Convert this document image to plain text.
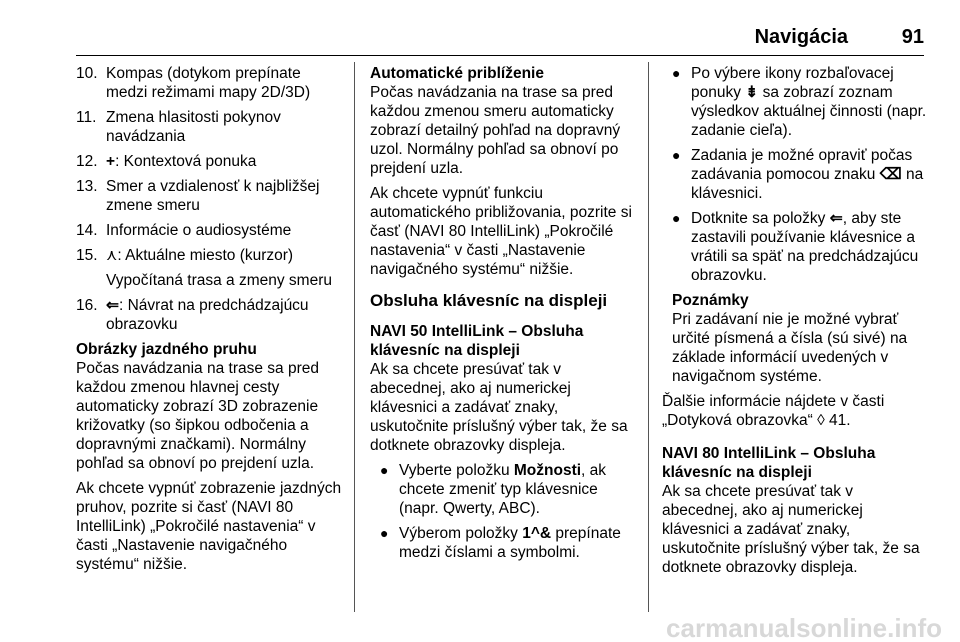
Navigácia	91
10. Kompas (dotykom prepínate medzi režimami mapy 2D/3D)
11. Zmena hlasitosti pokynov navádzania
12. +: Kontextová ponuka
13. Smer a vzdialenosť k najbližšej zmene smeru
14. Informácie o audiosystéme
15. ⋏: Aktuálne miesto (kurzor)
Vypočítaná trasa a zmeny smeru
16. ⇐: Návrat na predchádzajúcu obrazovku
Obrázky jazdného pruhu

Počas navádzania na trase sa pred každou zmenou hlavnej cesty automaticky zobrazí 3D zobrazenie križovatky (so šipkou odbočenia a dopravnými značkami). Normálny pohľad sa obnoví po prejdení uzla.

Ak chcete vypnúť zobrazenie jazdných pruhov, pozrite si časť (NAVI 80 IntelliLink) „Pokročilé nastavenia“ v časti „Nastavenie navigačného systému“ nižšie.

Automatické priblíženie

Počas navádzania na trase sa pred každou zmenou smeru automaticky zobrazí detailný pohľad na dopravný uzol. Normálny pohľad sa obnoví po prejdení uzla.

Ak chcete vypnúť funkciu automatického približovania, pozrite si časť (NAVI 80 IntelliLink) „Pokročilé nastavenia“ v časti „Nastavenie navigačného systému“ nižšie.

Obsluha klávesníc na displeji
NAVI 50 IntelliLink – Obsluha klávesníc na displeji

Ak sa chcete presúvať tak v abecednej, ako aj numerickej klávesnici a zadávať znaky, uskutočnite príslušný výber tak, že sa dotknete obrazovky displeja.

● Vyberte položku Možnosti, ak chcete zmeniť typ klávesnice (napr. Qwerty, ABC).
● Výberom položky 1^& prepínate medzi číslami a symbolmi.
● Po výbere ikony rozbaľovacej ponuky ⇟ sa zobrazí zoznam výsledkov aktuálnej činnosti (napr. zadanie cieľa).
● Zadania je možné opraviť počas zadávania pomocou znaku ⌫ na klávesnici.
● Dotknite sa položky ⇐, aby ste zastavili používanie klávesnice a vrátili sa späť na predchádzajúcu obrazovku.
Poznámky
Pri zadávaní nie je možné vybrať určité písmená a čísla (sú sivé) na základe informácií uvedených v navigačnom systéme.

Ďalšie informácie nájdete v časti „Dotyková obrazovka“ ◊ 41.

NAVI 80 IntelliLink – Obsluha klávesníc na displeji

Ak sa chcete presúvať tak v abecednej, ako aj numerickej klávesnici a zadávať znaky, uskutočnite príslušný výber tak, že sa dotknete obrazovky displeja.

carmanualsonline.info
